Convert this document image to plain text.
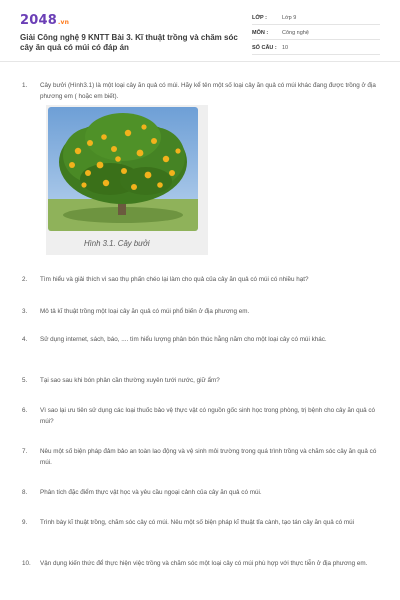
2048.vn
Giải Công nghệ 9 KNTT Bài 3. Kĩ thuật trồng và chăm sóc cây ăn quả có múi có đáp án
LỚP :	Lớp 9
MÔN :	Công nghệ
SỐ CÂU : 10
1.	Cây bưởi (Hình3.1) là một loại cây ăn quả có múi. Hãy kể tên một số loại cây ăn quả có múi khác đang được trồng ở địa phương em ( hoặc em biết).
Hình 3.1. Cây bưởi
2.	Tìm hiểu và giải thích vì sao thụ phấn chéo lại làm cho quả của cây ăn quả có múi có nhiều hạt?
3.	Mô tả kĩ thuật trồng một loại cây ăn quả có múi phổ biến ở địa phương em.
4.	Sử dụng internet, sách, báo, .... tìm hiểu lượng phân bón thúc hằng năm cho một loại cây có múi khác.
5.	Tại sao sau khi bón phân cần thường xuyên tưới nước, giữ ẩm?
6.	Vì sao lại ưu tiên sử dụng các loại thuốc bảo vệ thực vật có nguồn gốc sinh học trong phòng, trị bệnh cho cây ăn quả có múi?
7.	Nêu một số biện pháp đảm bảo an toàn lao động và vệ sinh môi trường trong quá trình trồng và chăm sóc cây ăn quả có múi.
8.	Phân tích đặc điểm thực vật học và yêu cầu ngoại cảnh của cây ăn quả có múi.
9.	Trình bày kĩ thuật trồng, chăm sóc cây có múi. Nêu một số biện pháp kĩ thuật tỉa cành, tạo tán cây ăn quả có múi
10.	Vận dụng kiến thức để thực hiện việc trồng và chăm sóc một loại cây có múi phù hợp với thực tiễn ở địa phương em.
